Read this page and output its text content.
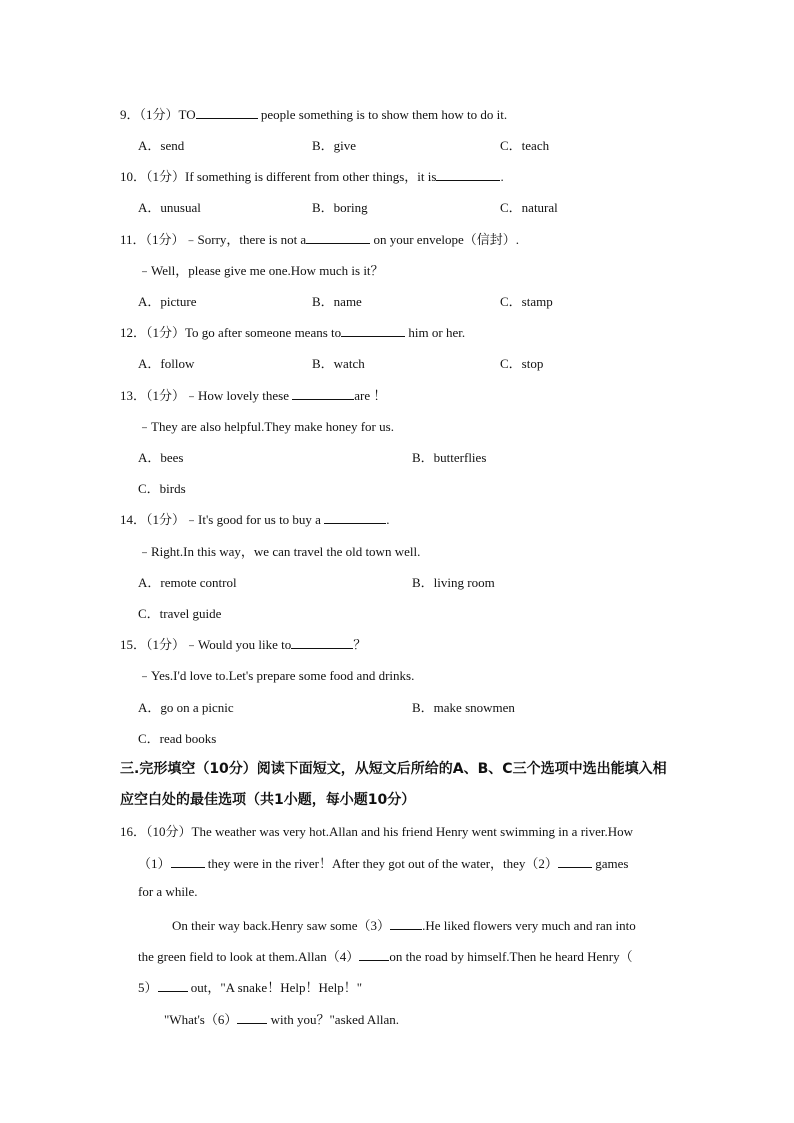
9．（1分）TO	people something is to show them how to do it.
A．send	B．give	C．teach
10．（1分）If something is different from other things，it is	.
A．unusual	B．boring	C．natural
11．（1分）﹣Sorry，there is not a	on your envelope（信封）.
﹣Well，please give me one.How much is it？
A．picture	B．name	C．stamp
12．（1分）To go after someone means to	him or her.
A．follow	B．watch	C．stop
13．（1分）﹣How lovely these	are ！
﹣They are also helpful.They make honey for us.
A．bees	B．butterflies
C．birds
14．（1分）﹣It's good for us to buy a	.
﹣Right.In this way，we can travel the old town well.
A．remote control	B．living room
C．travel guide
15．（1分）﹣Would you like to	？
﹣Yes.I'd love to.Let's prepare some food and drinks.
A．go on a picnic	B．make snowmen
C．read books
三.完形填空（10分）阅读下面短文，从短文后所给的A、B、C三个选项中选出能填入相
应空白处的最佳选项（共1小题，每小题10分）
16．（10分）The weather was very hot.Allan and his friend Henry went swimming in a river.How
（1）	they were in the river！After they got out of the water，they（2）	games
for a while.
On their way back.Henry saw some（3） .He liked flowers very much and ran into
the green field to look at them.Allan（4） on the road by himself.Then he heard Henry（
5） out，"A snake！Help！Help！"
"What's（6） with you？"asked Allan.
